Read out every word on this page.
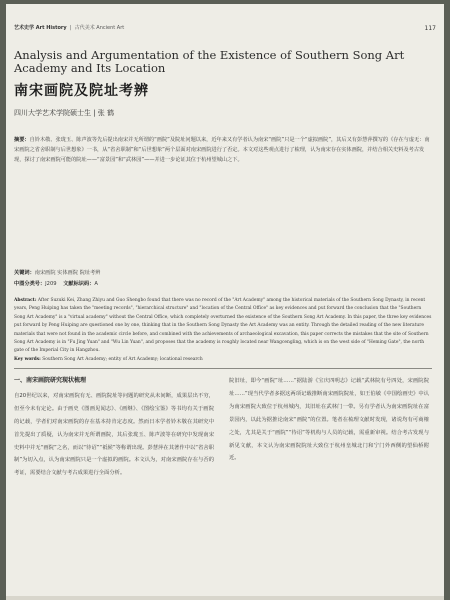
艺术史学 Art History  |  古代美术 Ancient Art	117
Analysis and Argumentation of the Existence of Southern Song Art Academy and Its Location
南宋画院及院址考辨
四川大学艺术学院硕士生 | 张 鹤
摘要：自铃木敬、张珑玉、陈声波等先后提出南宋并无所谓的“画院”及院址问题以来，近年来又有学者认为南宋“画院”只是一个“虚拟画院”，其后又有彭慧萍撰写的《存在与虚无：南宋画院之省舍职制与后世想象》一书，从“省舍职制”和“后世想象”两个层面对南宋画院进行了否定。本文对这些观点进行了梳理，认为南宋存在实体画院，并结合相关史料及考古发现，探讨了南宋画院可能的院址——“富景园”和“武林园”——并进一步论证其位于杭州望城山之下。
关键词：南宋画院 实体画院 院址考辨
中图分类号：J209 文献标识码：A
Abstract: After Suzuki Kei, Zhang Zhiyu and Guo Shengbo found that there was no record of the "Art Academy" among the historical materials of the Southern Song Dynasty, in recent years, Peng Huiping has taken the "meeting records", "hierarchical structure" and "location of the Central Office" as key evidences and put forward the conclusion that the "Southern Song Art Academy" is a "virtual academy" without the Central Office, which completely overturned the existence of the Southern Song Art Academy. In this paper, the three key evidences put forward by Peng Huiping are questioned one by one, thinking that in the Southern Song Dynasty the Art Academy was an entity. Through the detailed reading of the new literature materials that were not found in the academic circle before, and combined with the achievements of archaeological excavation, this paper corrects the mistakes that the site of Southern Song Art Academy is in "Fu Jing Yuan" and "Wu Lin Yuan", and proposes that the academy is roughly located near Wangcengling, which is on the west side of "Heming Gate", the north gate of the Imperial City in Hangzhou.
Key words: Southern Song Art Academy; entity of Art Academy; locational research
一、南宋画院研究现状梳理
自20世纪以来，对南宋画院有无、画院院址等问题的研究从未间断，成果层出不穷，但至今未有定论。由于画史《图画见闻志》、《画继》、《图绘宝鉴》等书均有关于画院的记载，学者们对南宋画院的存在基本持肯定态度。然而日本学者铃木敬在其研究中首先提出了质疑，认为南宋并无所谓画院，其后张珑玉、陈声波等在研究中发现南宋史料中并无“画院”之名，而以“待诏”“祗候”等称谓出现。彭慧萍在其著作中以“省舍职制”为切入点，认为南宋画院只是一个虚拟的画院。本文认为，对南宋画院存在与否的考证，需要结合文献与考古成果进行全面分析。
院旧址，即今“画院”址……”据陆游《宝庆四明志》记载“武林院有号四处，宋画院院址……”现当代学者多据这两项记载推断南宋画院院址，如王伯敏《中国绘画史》中认为南宋画院大致位于杭州城内，其旧址在武林门一带。另有学者认为南宋画院址在富景园内，以此为据推论南宋“画院”的位置。笔者在梳理文献时发现，诸说均有可商榷之处，尤其是关于“画院”“待诏”等机构与人员的记载，需重新审视。结合考古发现与新见文献，本文认为南宋画院院址大致位于杭州皇城北门和宁门外西侧的望仙桥附近。
